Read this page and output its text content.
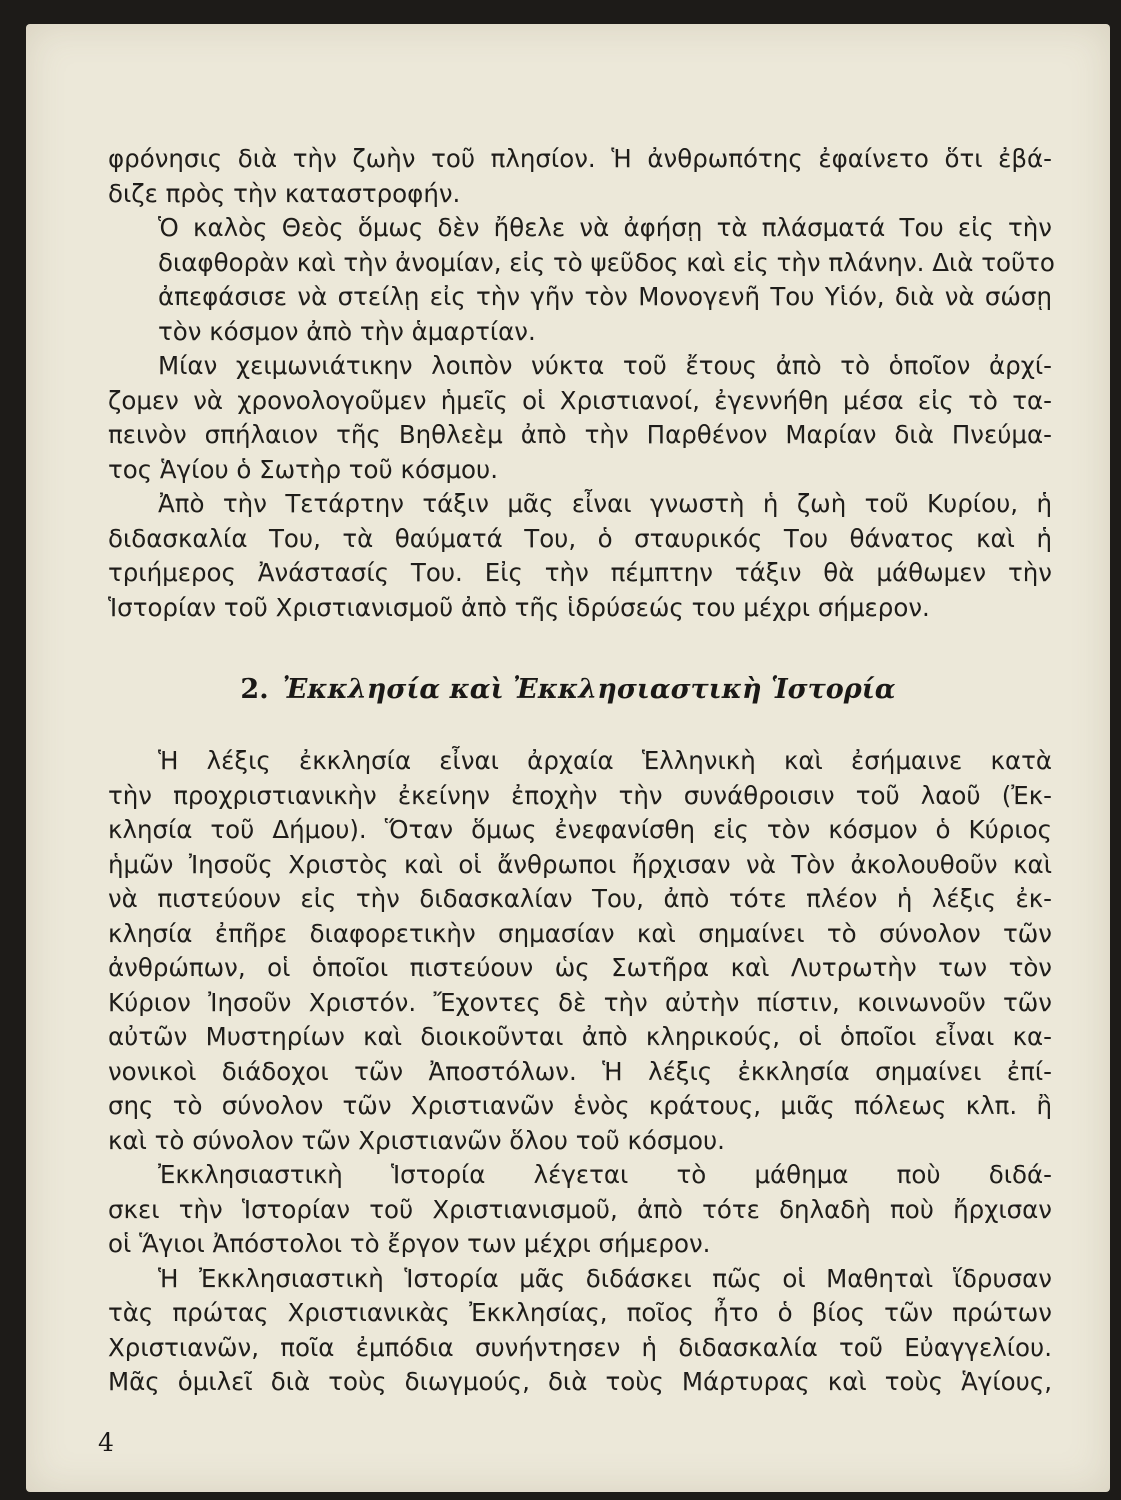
φρόνησις διὰ τὴν ζωὴν τοῦ πλησίον. Ἡ ἀνθρωπότης ἐφαίνετο ὅτι ἐβά-
διζε πρὸς τὴν καταστροφήν.

Ὁ καλὸς Θεὸς ὅμως δὲν ἤθελε νὰ ἀφήσῃ τὰ πλάσματά Του εἰς τὴν
διαφθορὰν καὶ τὴν ἀνομίαν, εἰς τὸ ψεῦδος καὶ εἰς τὴν πλάνην. Διὰ τοῦτο
ἀπεφάσισε νὰ στείλῃ εἰς τὴν γῆν τὸν Μονογενῆ Του Υἱόν, διὰ νὰ σώσῃ
τὸν κόσμον ἀπὸ τὴν ἁμαρτίαν.

Μίαν χειμωνιάτικην λοιπὸν νύκτα τοῦ ἔτους ἀπὸ τὸ ὁποῖον ἀρχί-
ζομεν νὰ χρονολογοῦμεν ἡμεῖς οἱ Χριστιανοί, ἐγεννήθη μέσα εἰς τὸ τα-
πεινὸν σπήλαιον τῆς Βηθλεὲμ ἀπὸ τὴν Παρθένον Μαρίαν διὰ Πνεύμα-
τος Ἁγίου ὁ Σωτὴρ τοῦ κόσμου.

Ἀπὸ τὴν Τετάρτην τάξιν μᾶς εἶναι γνωστὴ ἡ ζωὴ τοῦ Κυρίου, ἡ
διδασκαλία Του, τὰ θαύματά Του, ὁ σταυρικός Του θάνατος καὶ ἡ
τριήμερος Ἀνάστασίς Του. Εἰς τὴν πέμπτην τάξιν θὰ μάθωμεν τὴν
Ἱστορίαν τοῦ Χριστιανισμοῦ ἀπὸ τῆς ἱδρύσεώς του μέχρι σήμερον.

2. Ἐκκλησία καὶ Ἐκκλησιαστικὴ Ἱστορία

Ἡ λέξις ἐκκλησία εἶναι ἀρχαία Ἑλληνικὴ καὶ ἐσήμαινε κατὰ
τὴν προχριστιανικὴν ἐκείνην ἐποχὴν τὴν συνάθροισιν τοῦ λαοῦ (Ἐκ-
κλησία τοῦ Δήμου). Ὅταν ὅμως ἐνεφανίσθη εἰς τὸν κόσμον ὁ Κύριος
ἡμῶν Ἰησοῦς Χριστὸς καὶ οἱ ἄνθρωποι ἤρχισαν νὰ Τὸν ἀκολουθοῦν καὶ
νὰ πιστεύουν εἰς τὴν διδασκαλίαν Του, ἀπὸ τότε πλέον ἡ λέξις ἐκ-
κλησία ἐπῆρε διαφορετικὴν σημασίαν καὶ σημαίνει τὸ σύνολον τῶν
ἀνθρώπων, οἱ ὁποῖοι πιστεύουν ὡς Σωτῆρα καὶ Λυτρωτὴν των τὸν
Κύριον Ἰησοῦν Χριστόν. Ἔχοντες δὲ τὴν αὐτὴν πίστιν, κοινωνοῦν τῶν
αὐτῶν Μυστηρίων καὶ διοικοῦνται ἀπὸ κληρικούς, οἱ ὁποῖοι εἶναι κα-
νονικοὶ διάδοχοι τῶν Ἀποστόλων. Ἡ λέξις ἐκκλησία σημαίνει ἐπί-
σης τὸ σύνολον τῶν Χριστιανῶν ἑνὸς κράτους, μιᾶς πόλεως κλπ. ἢ
καὶ τὸ σύνολον τῶν Χριστιανῶν ὅλου τοῦ κόσμου.

Ἐκκλησιαστικὴ Ἱστορία λέγεται τὸ μάθημα ποὺ διδά-
σκει τὴν Ἱστορίαν τοῦ Χριστιανισμοῦ, ἀπὸ τότε δηλαδὴ ποὺ ἤρχισαν
οἱ Ἅγιοι Ἀπόστολοι τὸ ἔργον των μέχρι σήμερον.

Ἡ Ἐκκλησιαστικὴ Ἱστορία μᾶς διδάσκει πῶς οἱ Μαθηταὶ ἵδρυσαν
τὰς πρώτας Χριστιανικὰς Ἐκκλησίας, ποῖος ἦτο ὁ βίος τῶν πρώτων
Χριστιανῶν, ποῖα ἐμπόδια συνήντησεν ἡ διδασκαλία τοῦ Εὐαγγελίου.
Μᾶς ὁμιλεῖ διὰ τοὺς διωγμούς, διὰ τοὺς Μάρτυρας καὶ τοὺς Ἁγίους,

4
